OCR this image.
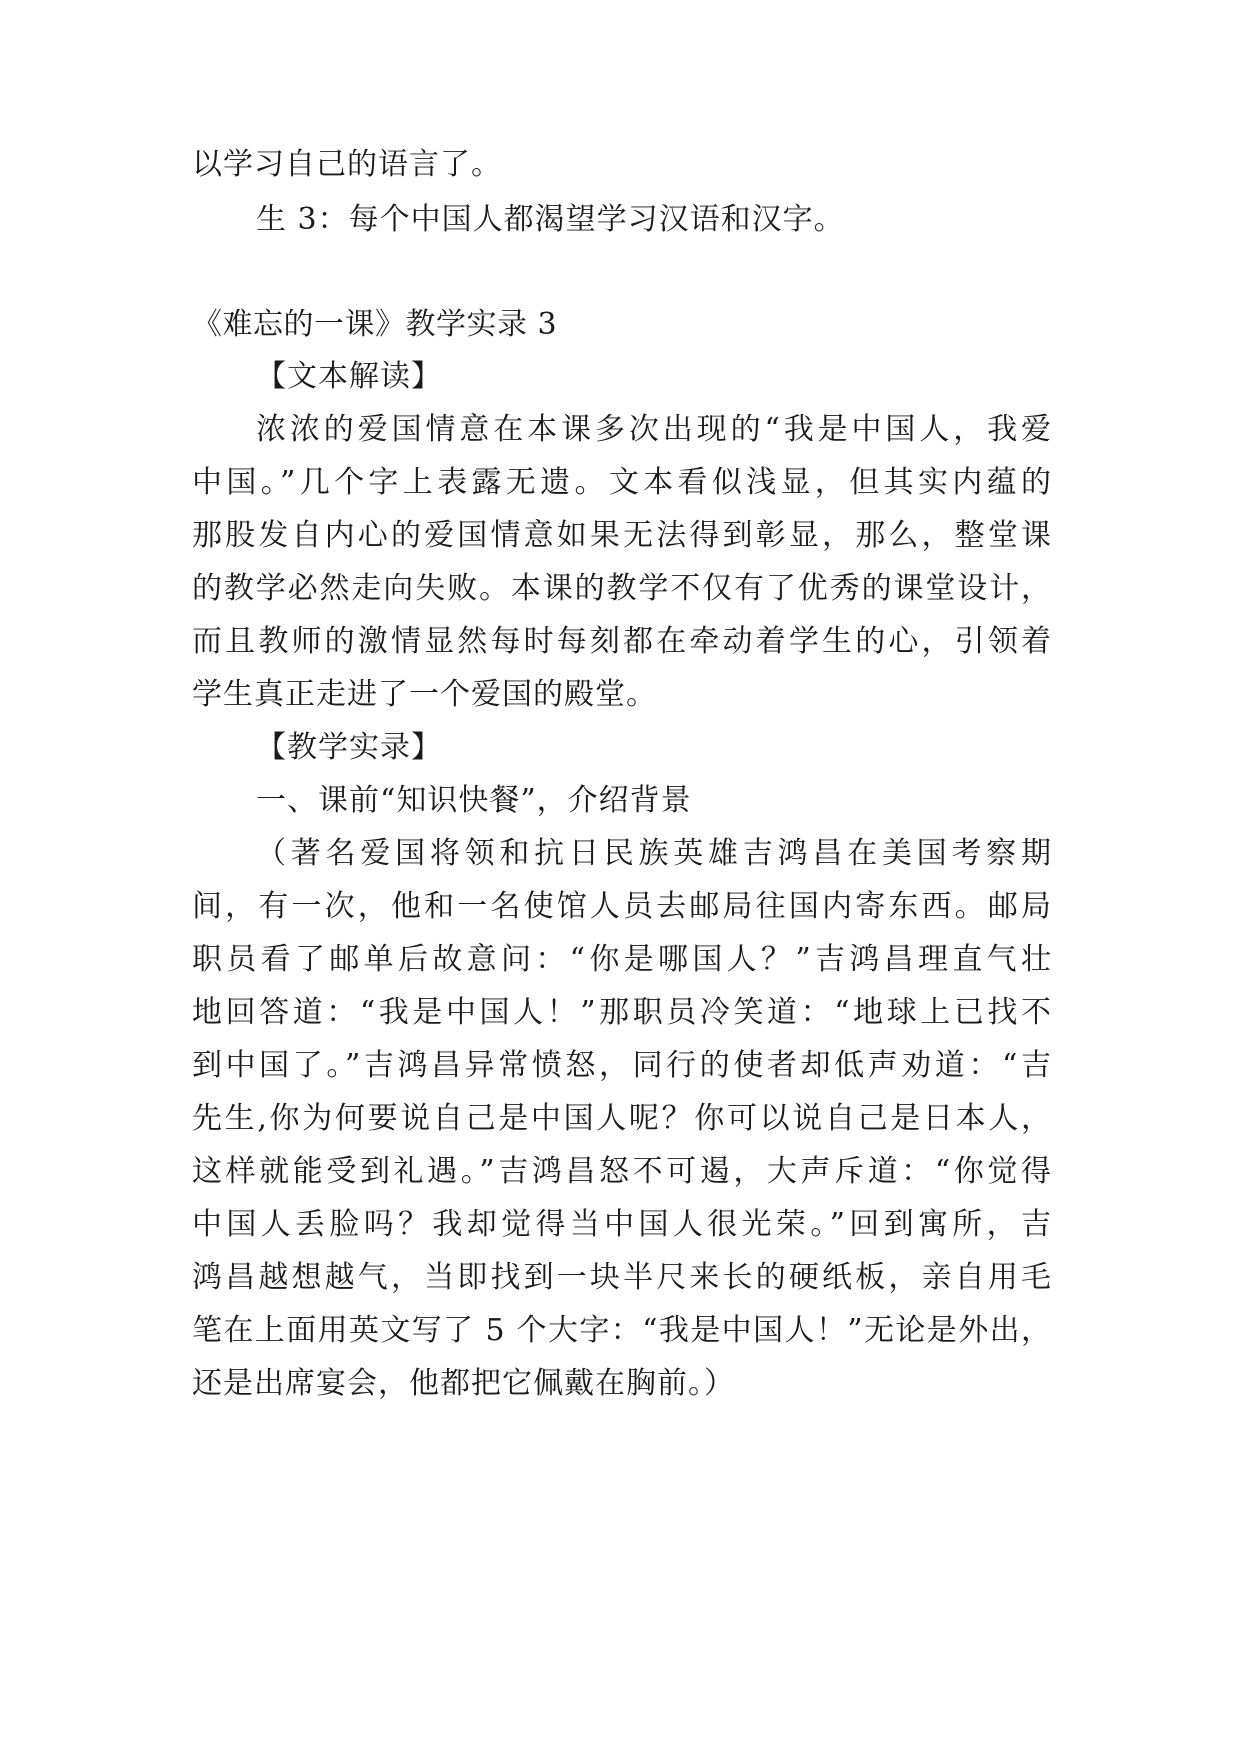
以学习自己的语言了。
生 3：每个中国人都渴望学习汉语和汉字。
《难忘的一课》教学实录 3
【文本解读】
浓浓的爱国情意在本课多次出现的“我是中国人，我爱
中国。”几个字上表露无遗。文本看似浅显，但其实内蕴的
那股发自内心的爱国情意如果无法得到彰显，那么，整堂课
的教学必然走向失败。本课的教学不仅有了优秀的课堂设计，
而且教师的激情显然每时每刻都在牵动着学生的心，引领着
学生真正走进了一个爱国的殿堂。
【教学实录】
一、课前“知识快餐”，介绍背景
（著名爱国将领和抗日民族英雄吉鸿昌在美国考察期
间，有一次，他和一名使馆人员去邮局往国内寄东西。邮局
职员看了邮单后故意问：“你是哪国人？”吉鸿昌理直气壮
地回答道：“我是中国人！”那职员冷笑道：“地球上已找不
到中国了。”吉鸿昌异常愤怒，同行的使者却低声劝道：“吉
先生,你为何要说自己是中国人呢？你可以说自己是日本人，
这样就能受到礼遇。”吉鸿昌怒不可遏，大声斥道：“你觉得
中国人丢脸吗？我却觉得当中国人很光荣。”回到寓所，吉
鸿昌越想越气，当即找到一块半尺来长的硬纸板，亲自用毛
笔在上面用英文写了 5 个大字：“我是中国人！”无论是外出，
还是出席宴会，他都把它佩戴在胸前。）
